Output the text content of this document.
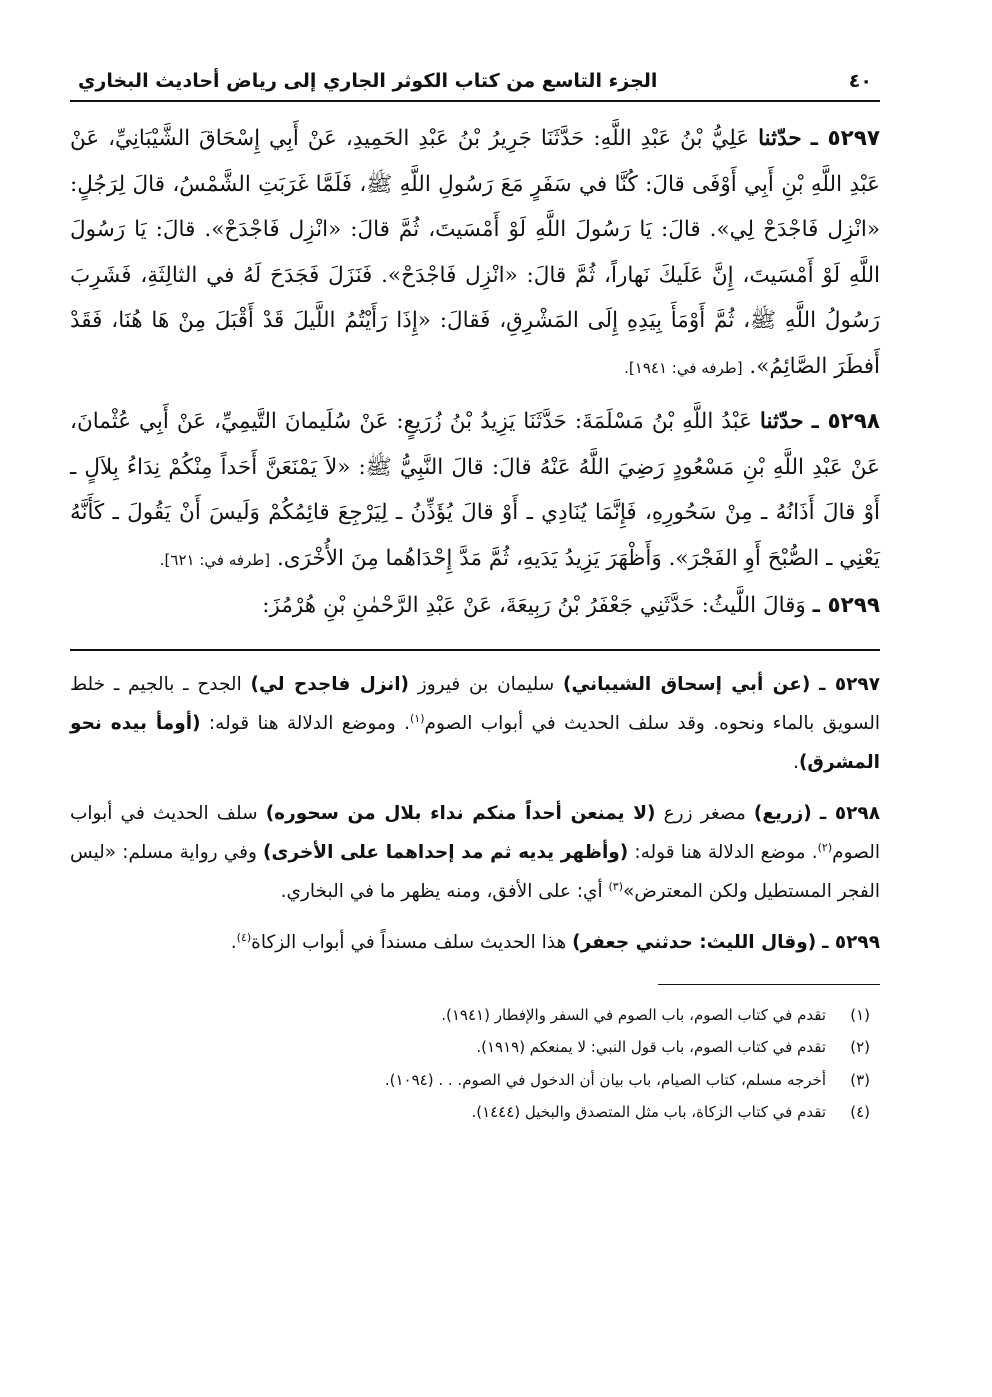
٤٠
الجزء التاسع من كتاب الكوثر الجاري إلى رياض أحاديث البخاري

٥٢٩٧ ـ حدّثنا عَلِيُّ بْنُ عَبْدِ اللَّهِ: حَدَّثَنَا جَرِيرُ بْنُ عَبْدِ الحَمِيدِ، عَنْ أَبِي إِسْحَاقَ الشَّيْبَانِيِّ، عَنْ عَبْدِ اللَّهِ بْنِ أَبِي أَوْفَى قالَ: كُنَّا في سَفَرٍ مَعَ رَسُولِ اللَّهِ ﷺ، فَلَمَّا غَرَبَتِ الشَّمْسُ، قالَ لِرَجُلٍ: «انْزِل فَاجْدَحْ لِي». قالَ: يَا رَسُولَ اللَّهِ لَوْ أَمْسَيتَ، ثُمَّ قالَ: «انْزِل فَاجْدَحْ». قالَ: يَا رَسُولَ اللَّهِ لَوْ أَمْسَيتَ، إِنَّ عَلَيكَ نَهاراً، ثُمَّ قالَ: «انْزِل فَاجْدَحْ». فَنَزَلَ فَجَدَحَ لَهُ في الثالِثَةِ، فَشَرِبَ رَسُولُ اللَّهِ ﷺ، ثُمَّ أَوْمَأَ بِيَدِهِ إِلَى المَشْرِقِ، فَقالَ: «إِذَا رَأَيْتُمُ اللَّيلَ قَدْ أَقْبَلَ مِنْ هَا هُنَا، فَقَدْ أَفطَرَ الصَّائِمُ». [طرفه في: ١٩٤١].

٥٢٩٨ ـ حدّثنا عَبْدُ اللَّهِ بْنُ مَسْلَمَةَ: حَدَّثَنَا يَزِيدُ بْنُ زُرَيعٍ: عَنْ سُلَيمانَ التَّيمِيِّ، عَنْ أَبِي عُثْمانَ، عَنْ عَبْدِ اللَّهِ بْنِ مَسْعُودٍ رَضِيَ اللَّهُ عَنْهُ قالَ: قالَ النَّبِيُّ ﷺ: «لاَ يَمْنَعَنَّ أَحَداً مِنْكُمْ نِدَاءُ بِلاَلٍ ـ أَوْ قالَ أَذَانُهُ ـ مِنْ سَحُورِهِ، فَإِنَّمَا يُنَادِي ـ أَوْ قالَ يُؤَذِّنُ ـ لِيَرْجِعَ قائِمُكُمْ وَلَيسَ أَنْ يَقُولَ ـ كَأَنَّهُ يَعْنِي ـ الصُّبْحَ أَوِ الفَجْرَ». وَأَظْهَرَ يَزِيدُ يَدَيهِ، ثُمَّ مَدَّ إِحْدَاهُما مِنَ الأُخْرَى. [طرفه في: ٦٢١].

٥٢٩٩ ـ وَقالَ اللَّيثُ: حَدَّثَنِي جَعْفَرُ بْنُ رَبِيعَةَ، عَنْ عَبْدِ الرَّحْمٰنِ بْنِ هُرْمُزَ:

٥٢٩٧ ـ (عن أبي إسحاق الشيباني) سليمان بن فيروز (انزل فاجدح لي) الجدح ـ بالجيم ـ خلط السويق بالماء ونحوه. وقد سلف الحديث في أبواب الصوم$^{(١)}$. وموضع الدلالة هنا قوله: (أومأ بيده نحو المشرق).

٥٢٩٨ ـ (زريع) مصغر زرع (لا يمنعن أحداً منكم نداء بلال من سحوره) سلف الحديث في أبواب الصوم$^{(٢)}$. موضع الدلالة هنا قوله: (وأظهر يديه ثم مد إحداهما على الأخرى) وفي رواية مسلم: «ليس الفجر المستطيل ولكن المعترض»$^{(٣)}$ أي: على الأفق، ومنه يظهر ما في البخاري.

٥٢٩٩ ـ (وقال الليث: حدثني جعفر) هذا الحديث سلف مسنداً في أبواب الزكاة$^{(٤)}$.

(١)
تقدم في كتاب الصوم، باب الصوم في السفر والإفطار (١٩٤١).
(٢)
تقدم في كتاب الصوم، باب قول النبي: لا يمنعكم (١٩١٩).
(٣)
أخرجه مسلم، كتاب الصيام، باب بيان أن الدخول في الصوم. . . (١٠٩٤).
(٤)
تقدم في كتاب الزكاة، باب مثل المتصدق والبخيل (١٤٤٤).
